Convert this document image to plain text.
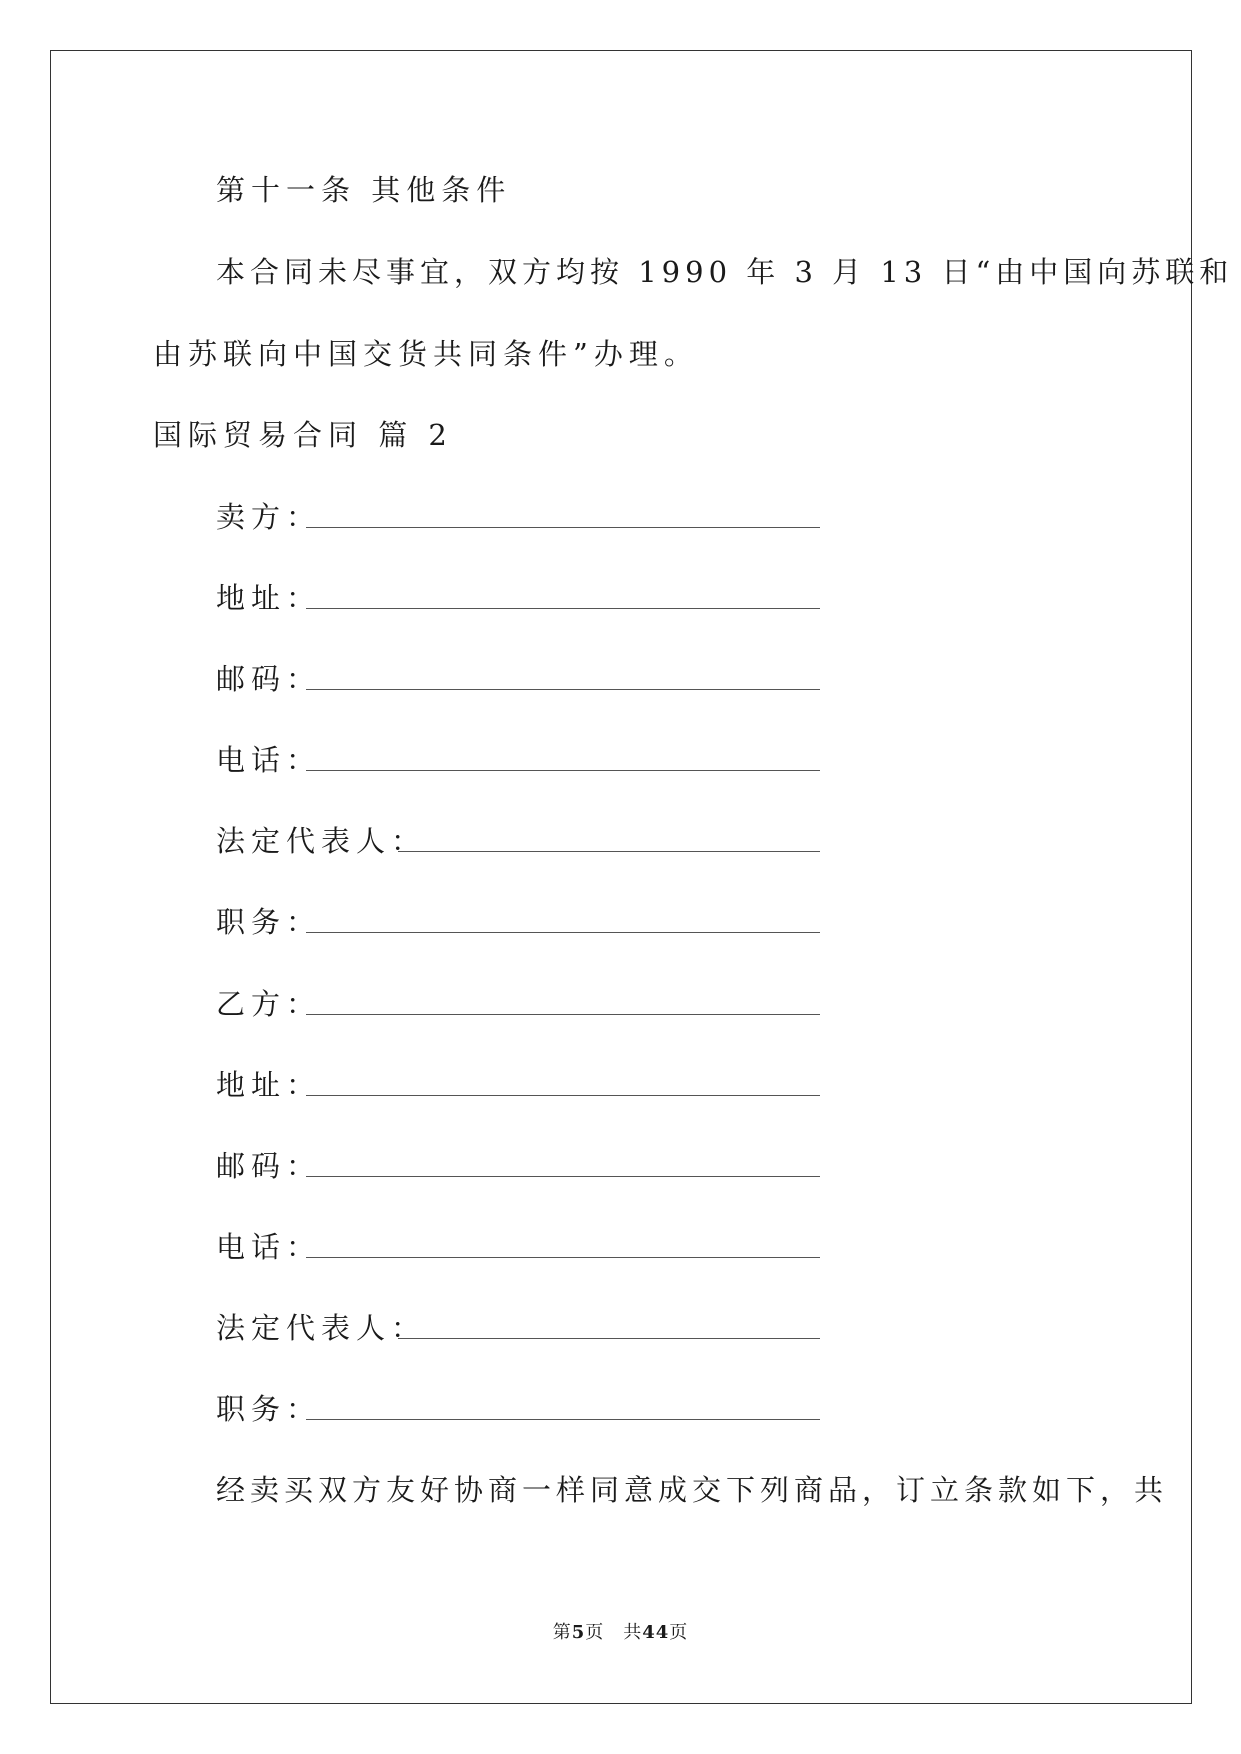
第十一条 其他条件
本合同未尽事宜，双方均按 1990 年 3 月 13 日“由中国向苏联和
由苏联向中国交货共同条件”办理。
国际贸易合同 篇 2
卖方：
地址：
邮码：
电话：
法定代表人：
职务：
乙方：
地址：
邮码：
电话：
法定代表人：
职务：
经卖买双方友好协商一样同意成交下列商品，订立条款如下，共
第5页　共44页
